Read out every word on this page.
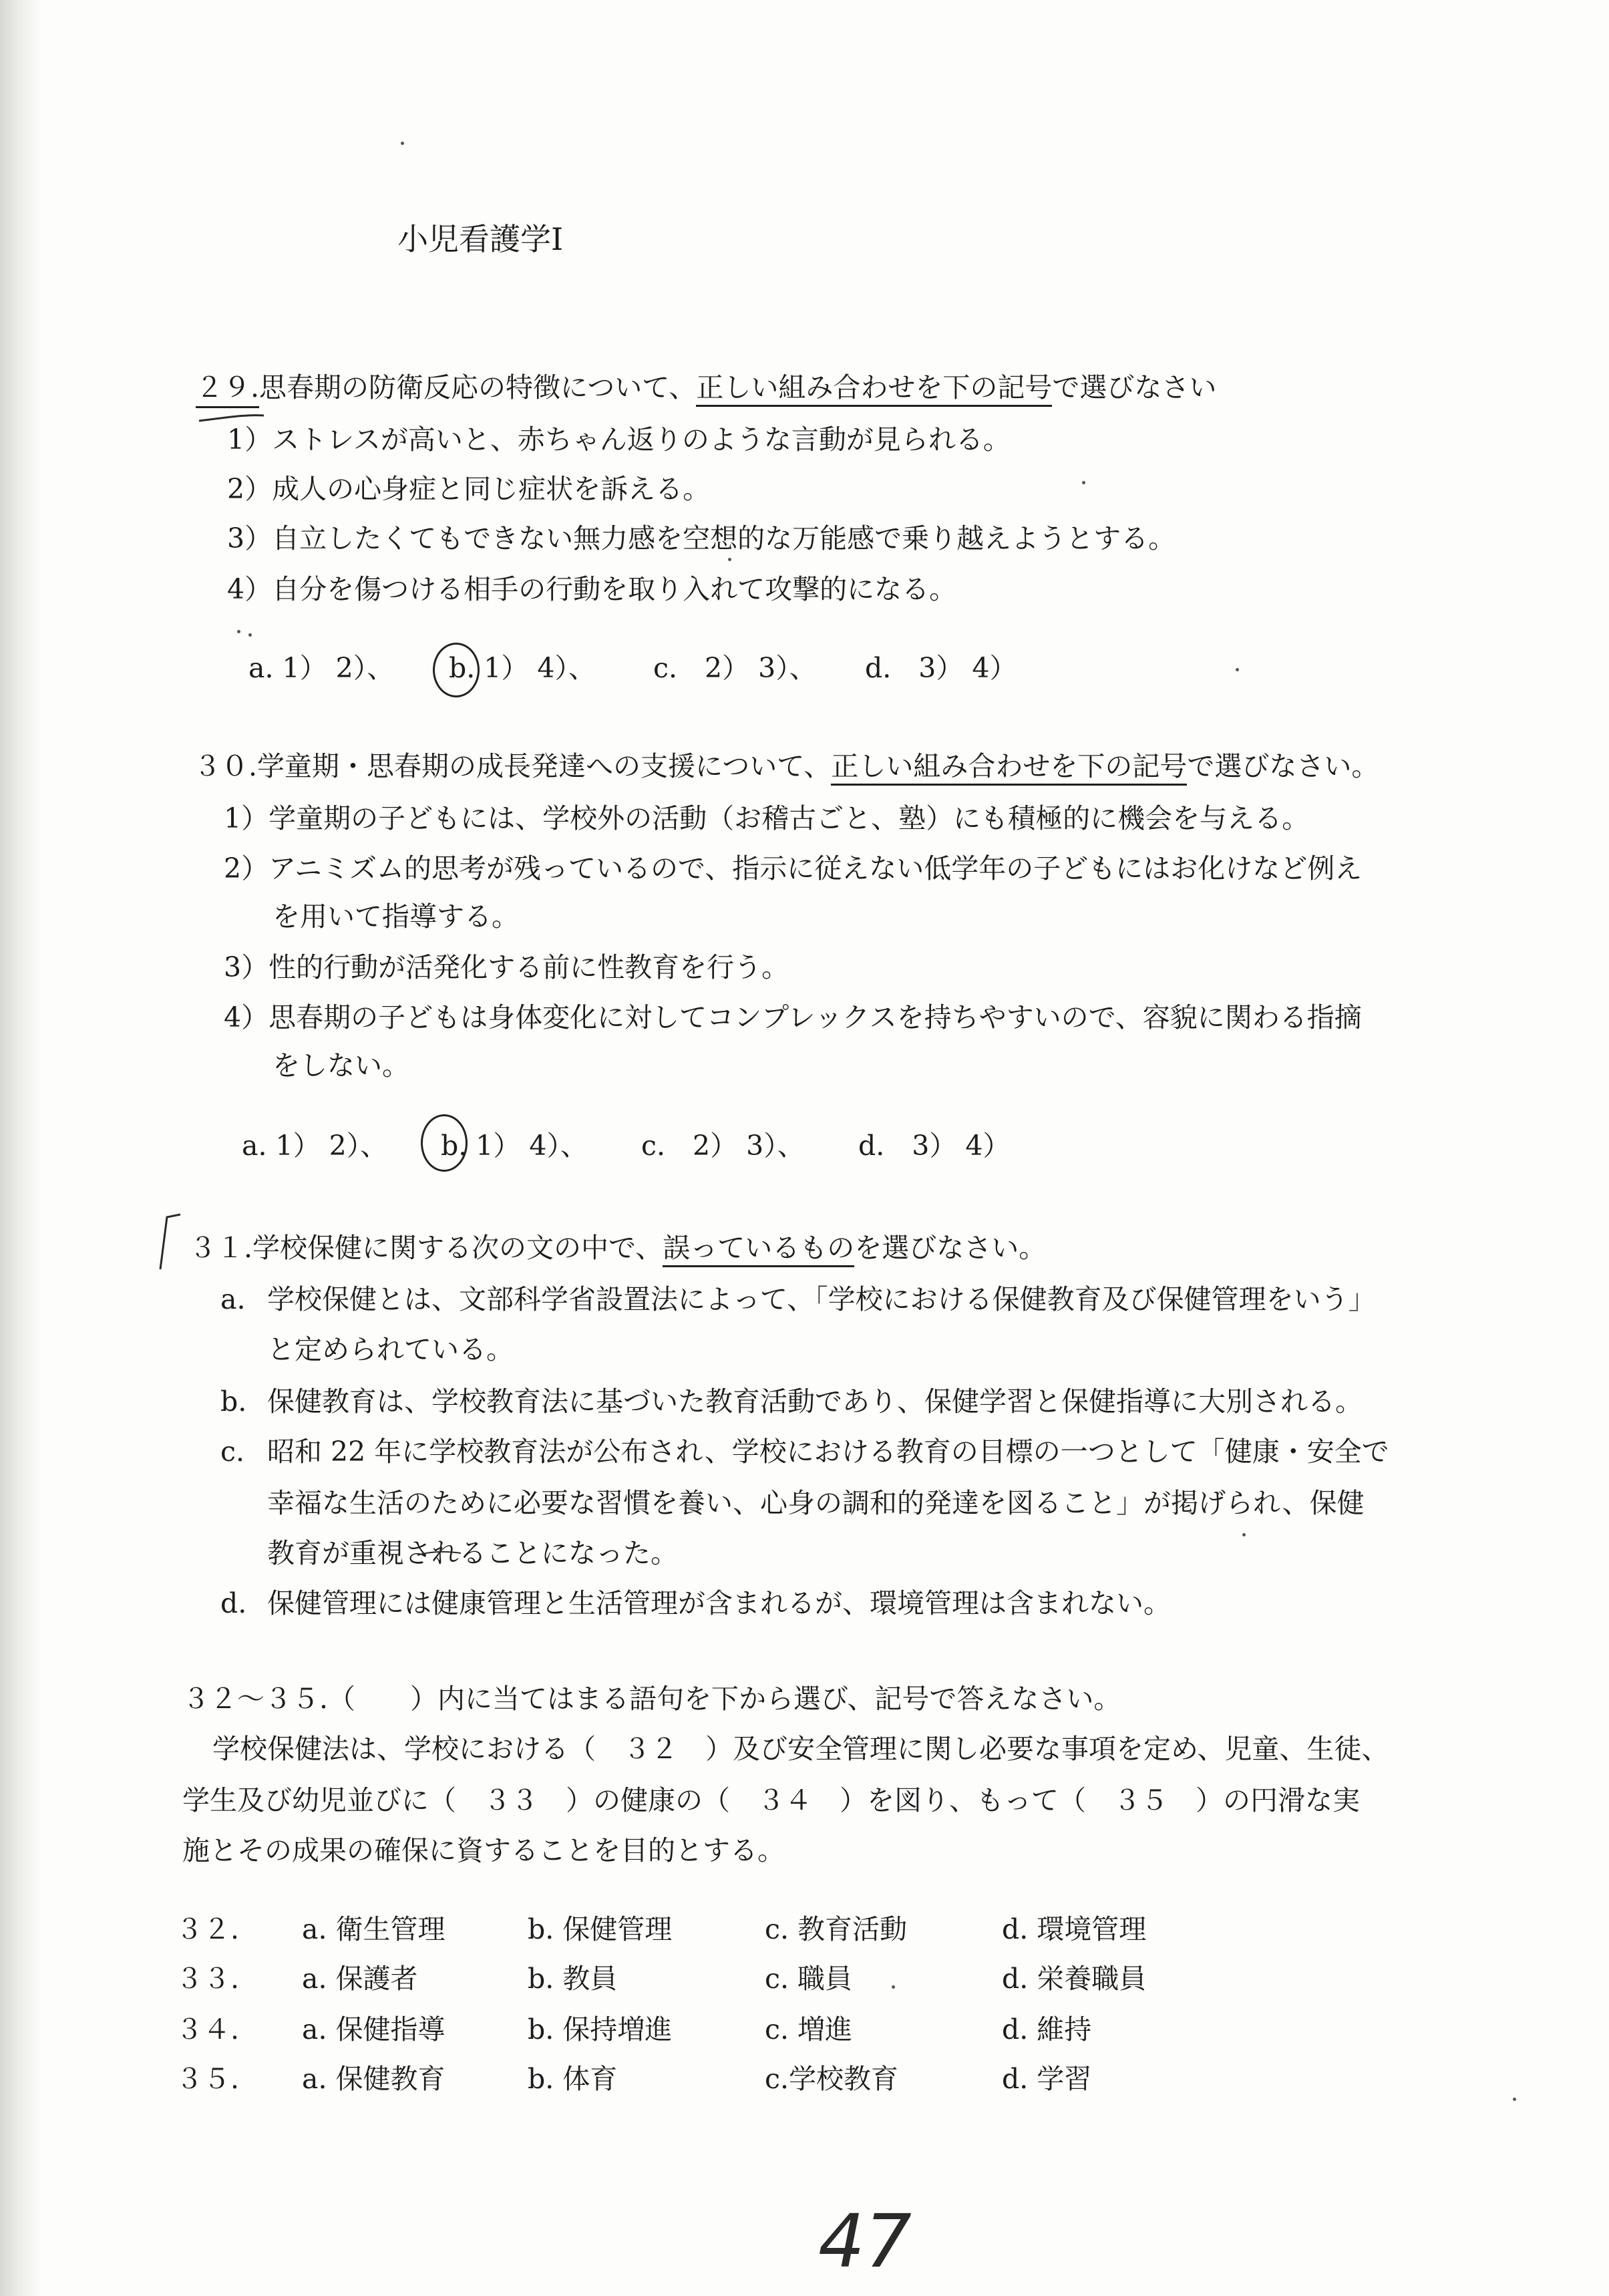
小児看護学Ⅰ
２９.思春期の防衛反応の特徴について、正しい組み合わせを下の記号で選びなさい
1）ストレスが高いと、赤ちゃん返りのような言動が見られる。
2）成人の心身症と同じ症状を訴える。
3）自立したくてもできない無力感を空想的な万能感で乗り越えようとする。
4）自分を傷つける相手の行動を取り入れて攻撃的になる。
a. 1） 2）、 b. 1） 4）、 c.　2） 3）、 d.　3） 4）
３０.学童期・思春期の成長発達への支援について、正しい組み合わせを下の記号で選びなさい。
1）学童期の子どもには、学校外の活動（お稽古ごと、塾）にも積極的に機会を与える。
2）アニミズム的思考が残っているので、指示に従えない低学年の子どもにはお化けなど例え
を用いて指導する。
3）性的行動が活発化する前に性教育を行う。
4）思春期の子どもは身体変化に対してコンプレックスを持ちやすいので、容貌に関わる指摘
をしない。
a. 1） 2）、 b. 1） 4）、 c.　2） 3）、 d.　3） 4）
３１.学校保健に関する次の文の中で、誤っているものを選びなさい。
a. 学校保健とは、文部科学省設置法によって、「学校における保健教育及び保健管理をいう」
と定められている。
b. 保健教育は、学校教育法に基づいた教育活動であり、保健学習と保健指導に大別される。
c. 昭和 22 年に学校教育法が公布され、学校における教育の目標の一つとして「健康・安全で
幸福な生活のために必要な習慣を養い、心身の調和的発達を図ること」が掲げられ、保健
教育が重視されることになった。
d. 保健管理には健康管理と生活管理が含まれるが、環境管理は含まれない。
３２～３５.（　　）内に当てはまる語句を下から選び、記号で答えなさい。
学校保健法は、学校における（　３２　）及び安全管理に関し必要な事項を定め、児童、生徒、
学生及び幼児並びに（　３３　）の健康の（　３４　）を図り、もって（　３５　）の円滑な実
施とその成果の確保に資することを目的とする。
３２. a. 衛生管理	b. 保健管理	c. 教育活動	d. 環境管理
３３. a. 保護者	b. 教員	c. 職員	d. 栄養職員
３４. a. 保健指導	b. 保持増進	c. 増進	d. 維持
３５. a. 保健教育	b. 体育	c.学校教育	d. 学習
47
